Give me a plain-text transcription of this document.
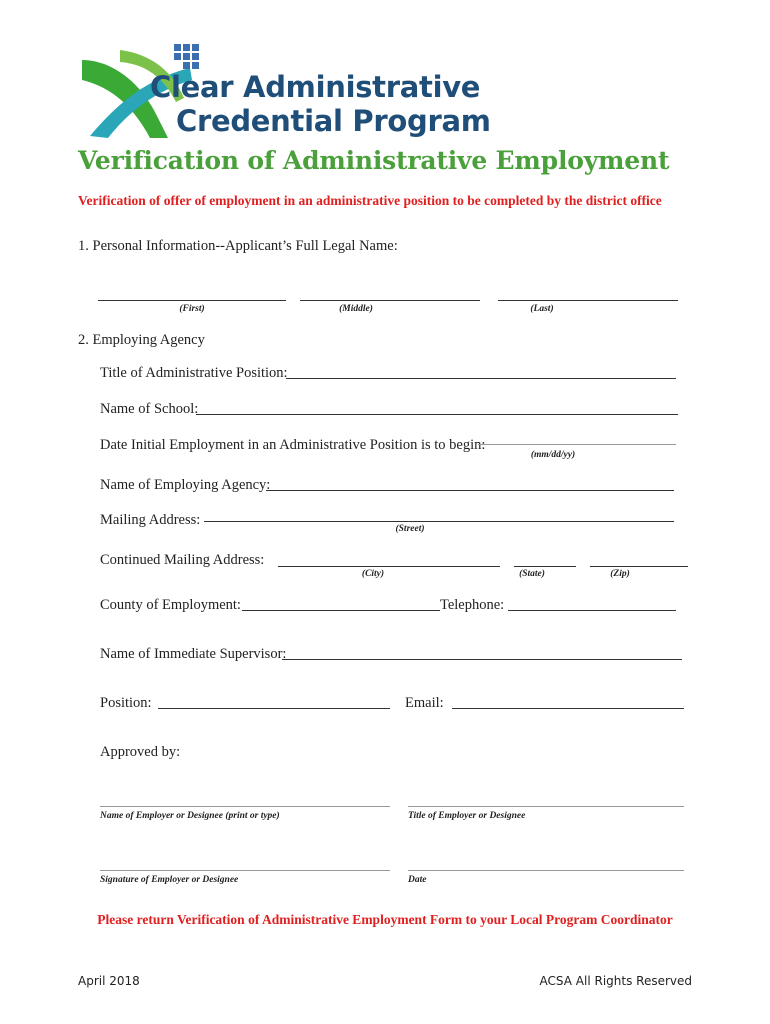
Clear Administrative
Credential Program
Verification of Administrative Employment
Verification of offer of employment in an administrative position to be completed by the district office
1. Personal Information--Applicant’s Full Legal Name:
(First)	(Middle)	(Last)
2. Employing Agency
Title of Administrative Position:
Name of School:
Date Initial Employment in an Administrative Position is to begin:
(mm/dd/yy)
Name of Employing Agency:
Mailing Address:
(Street)
Continued Mailing Address:
(City)	(State)	(Zip)
County of Employment:	Telephone:
Name of Immediate Supervisor:
Position:	Email:
Approved by:
Name of Employer or Designee (print or type)	Title of Employer or Designee
Signature of Employer or Designee	Date
Please return Verification of Administrative Employment Form to your Local Program Coordinator
April 2018	ACSA All Rights Reserved
